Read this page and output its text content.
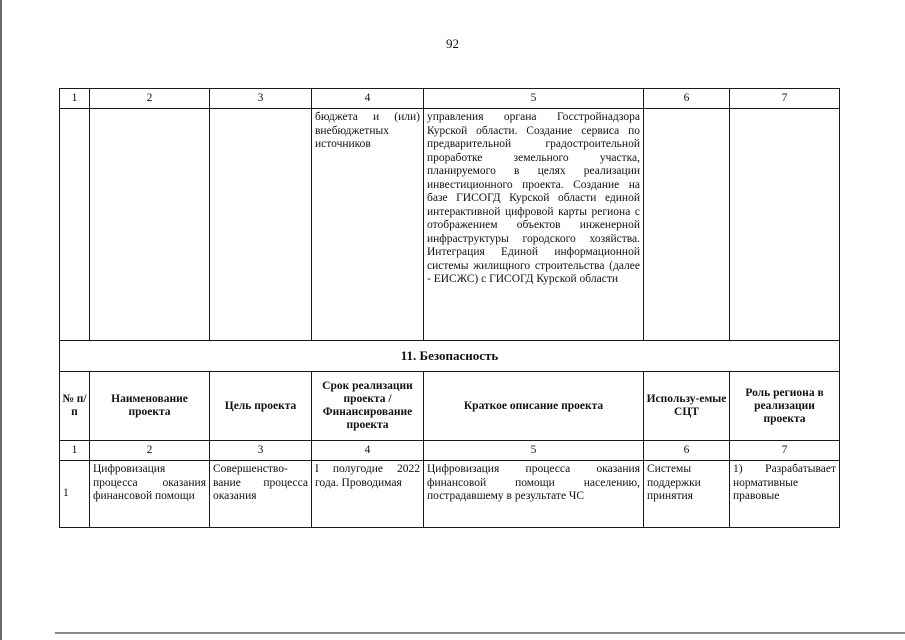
92
1	2	3	4	5	6	7
			бюджета и (или) внебюджетных источников	управления органа Госстройнадзора Курской области. Создание сервиса по предварительной градостроительной проработке земельного участка, планируемого в целях реализации инвестиционного проекта. Создание на базе ГИСОГД Курской области единой интерактивной цифровой карты региона с отображением объектов инженерной инфраструктуры городского хозяйства. Интеграция Единой информационной системы жилищного строительства (далее - ЕИСЖС) с ГИСОГД Курской области		
11. Безопасность						
№ п/п	Наименование проекта	Цель проекта	Срок реализации проекта / Финансирование проекта	Краткое описание проекта	Использу-емые СЦТ	Роль региона в реализации проекта
1	2	3	4	5	6	7
1	Цифровизация процесса оказания финансовой помощи	Совершенство-вание процесса оказания	I полугодие 2022 года. Проводимая	Цифровизация процесса оказания финансовой помощи населению, пострадавшему в результате ЧС	Системы поддержки принятия	1) Разрабатывает нормативные правовые
